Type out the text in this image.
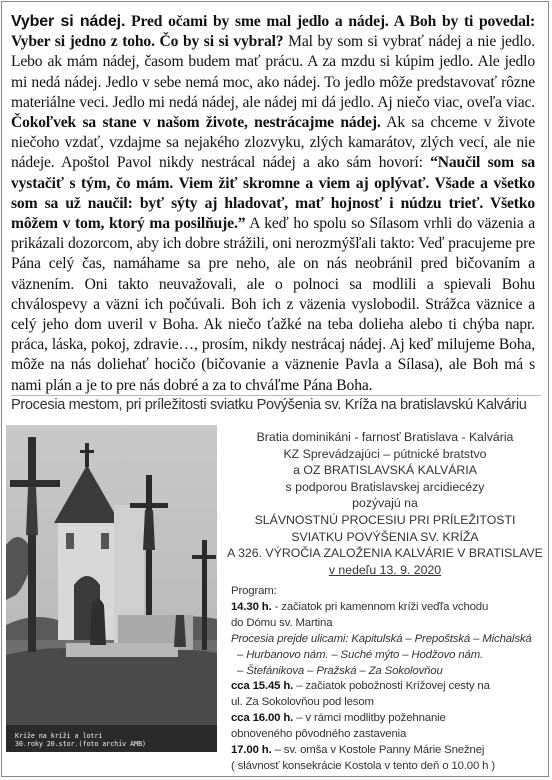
Vyber si nádej. Pred očami by sme mal jedlo a nádej. A Boh by ti povedal: Vyber si jedno z toho. Čo by si si vybral? Mal by som si vybrať nádej a nie jedlo. Lebo ak mám nádej, časom budem mať prácu. A za mzdu si kúpim jedlo. Ale jedlo mi nedá nádej. Jedlo v sebe nemá moc, ako nádej. To jedlo môže predstavovať rôzne materiálne veci. Jedlo mi nedá nádej, ale nádej mi dá jedlo. Aj niečo viac, oveľa viac. Čokoľvek sa stane v našom živote, nestrácajme nádej. Ak sa chceme v živote niečoho vzdať, vzdajme sa nejakého zlozvyku, zlých kamarátov, zlých vecí, ale nie nádeje. Apoštol Pavol nikdy nestrácal nádej a ako sám hovorí: “Naučil som sa vystačiť s tým, čo mám. Viem žiť skromne a viem aj oplývať. Všade a všetko som sa už naučil: byť sýty aj hladovať, mať hojnosť i núdzu trieť. Všetko môžem v tom, ktorý ma posilňuje.” A keď ho spolu so Sílasom vrhli do väzenia a prikázali dozorcom, aby ich dobre strážili, oni nerozmýšľali takto: Veď pracujeme pre Pána celý čas, namáhame sa pre neho, ale on nás neobránil pred bičovaním a väznením. Oni takto neuvažovali, ale o polnoci sa modlili a spievali Bohu chválospevy a väzni ich počúvali. Boh ich z väzenia vyslobodil. Strážca väznice a celý jeho dom uveril v Boha. Ak niečo ťažké na teba dolieha alebo ti chýba napr. práca, láska, pokoj, zdravie…, prosím, nikdy nestrácaj nádej. Aj keď milujeme Boha, môže na nás doliehať hocičo (bičovanie a väznenie Pavla a Sílasa), ale Boh má s nami plán a je to pre nás dobré a za to chváľme Pána Boha.
Procesia mestom, pri príležitosti sviatku Povýšenia sv. Kríža na bratislavskú Kalváriu
Kríže na kríži a lotri
30.roky 20.stor.(foto archív AMB)
Bratia dominikáni - farnosť Bratislava - Kalvária
KZ Sprevádzajúci – pútnické bratstvo
a OZ BRATISLAVSKÁ KALVÁRIA
s podporou Bratislavskej arcidiecézy
pozývajú na
SLÁVNOSTNÚ PROCESIU PRI PRÍLEŽITOSTI
SVIATKU POVÝŠENIA SV. KRÍŽA
A 326. VÝROČIA ZALOŽENIA KALVÁRIE V BRATISLAVE
v nedeľu 13. 9. 2020
Program:
14.30 h. - začiatok pri kamennom kríži veďľa vchodu
do Dómu sv. Martina
Procesia prejde ulicami: Kapitulská – Prepoštská – Michalská
– Hurbanovo nám. – Suché mýto – Hodžovo nám.
– Štefánikova – Pražská – Za Sokolovňou
cca 15.45 h. – začiatok pobožnosti Krížovej cesty na
ul. Za Sokolovňou pod lesom
cca 16.00 h. – v rámci modlitby požehnanie
obnoveného pôvodného zastavenia
17.00 h. – sv. omša v Kostole Panny Márie Snežnej
( slávnosť konsekrácie Kostola v tento deň o 10.00 h )
